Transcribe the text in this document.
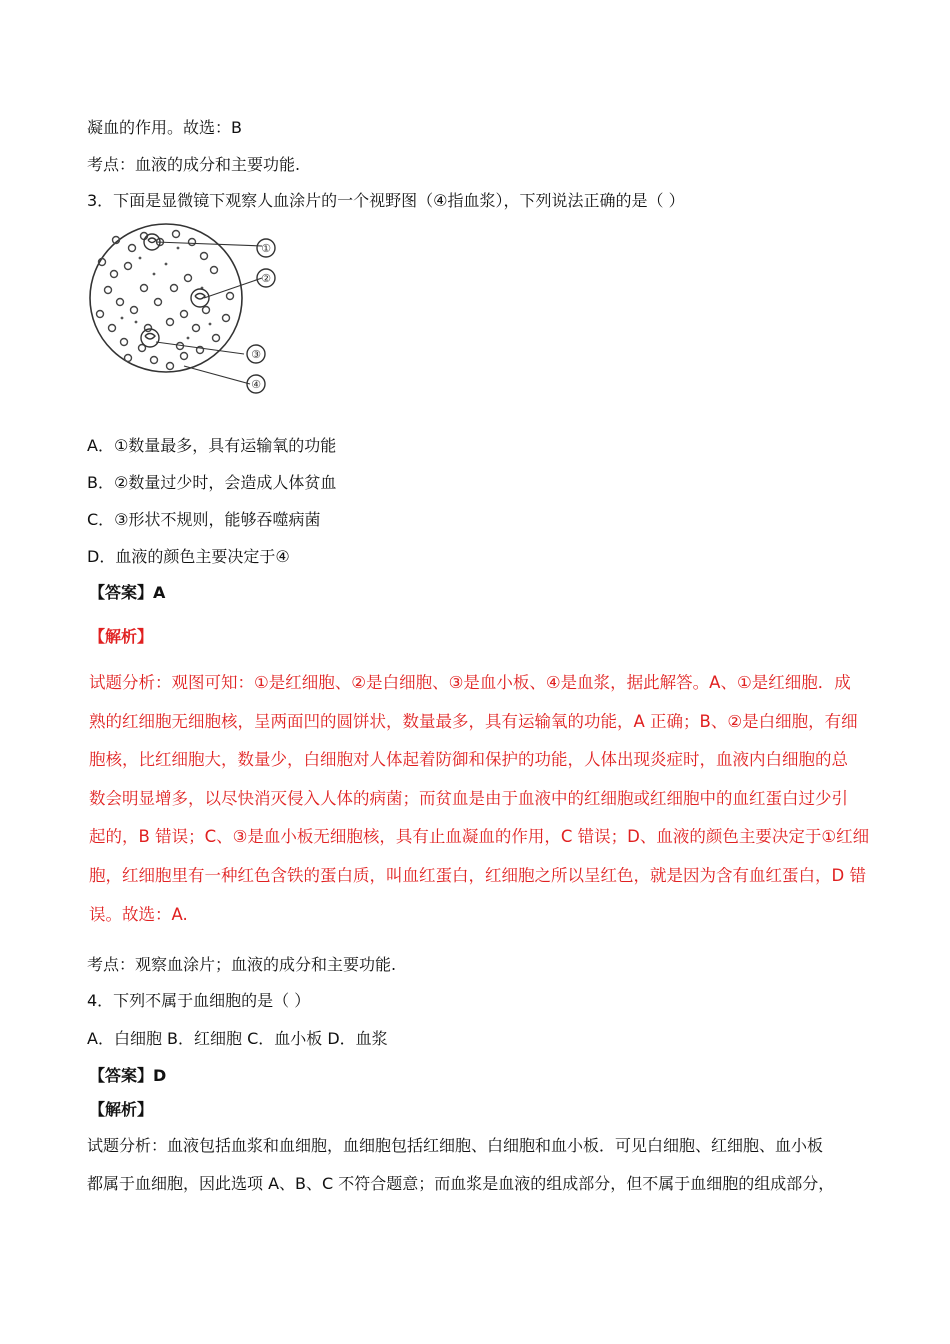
凝血的作用。故选：B
考点：血液的成分和主要功能.
3．下面是显微镜下观察人血涂片的一个视野图（④指血浆），下列说法正确的是（ ）
①
②
③
④
A．①数量最多，具有运输氧的功能
B．②数量过少时，会造成人体贫血
C．③形状不规则，能够吞噬病菌
D．血液的颜色主要决定于④
【答案】A
【解析】

试题分析：观图可知：①是红细胞、②是白细胞、③是血小板、④是血浆，据此解答。A、①是红细胞．成

熟的红细胞无细胞核，呈两面凹的圆饼状，数量最多，具有运输氧的功能，A 正确；B、②是白细胞，有细

胞核，比红细胞大，数量少，白细胞对人体起着防御和保护的功能，人体出现炎症时，血液内白细胞的总

数会明显增多，以尽快消灭侵入人体的病菌；而贫血是由于血液中的红细胞或红细胞中的血红蛋白过少引

起的，B 错误；C、③是血小板无细胞核，具有止血凝血的作用，C 错误；D、血液的颜色主要决定于①红细

胞，红细胞里有一种红色含铁的蛋白质，叫血红蛋白，红细胞之所以呈红色，就是因为含有血红蛋白，D 错

误。故选：A.

考点：观察血涂片；血液的成分和主要功能.
4．下列不属于血细胞的是（ ）
A．白细胞 B．红细胞 C．血小板 D．血浆
【答案】D
【解析】
试题分析：血液包括血浆和血细胞，血细胞包括红细胞、白细胞和血小板．可见白细胞、红细胞、血小板
都属于血细胞，因此选项 A、B、C 不符合题意；而血浆是血液的组成部分，但不属于血细胞的组成部分，
